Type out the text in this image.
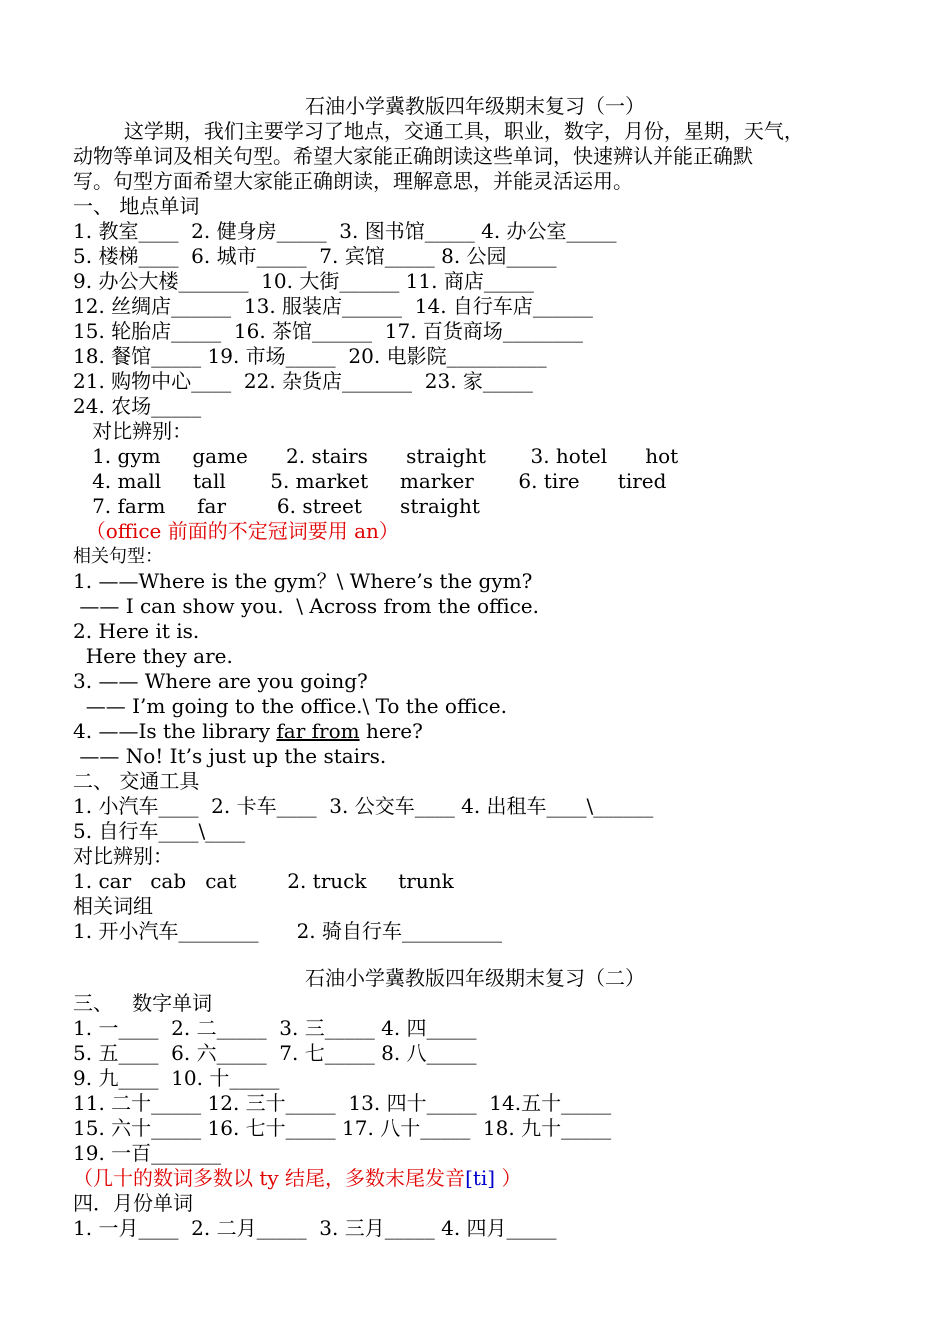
石油小学冀教版四年级期末复习（一）
这学期，我们主要学习了地点，交通工具，职业，数字，月份，星期，天气，
动物等单词及相关句型。希望大家能正确朗读这些单词，快速辨认并能正确默
写。句型方面希望大家能正确朗读，理解意思，并能灵活运用。
一、 地点单词
1. 教室____  2. 健身房_____  3. 图书馆_____ 4. 办公室_____
5. 楼梯____  6. 城市_____  7. 宾馆_____ 8. 公园_____
9. 办公大楼_______  10. 大街______ 11. 商店_____
12. 丝绸店______  13. 服装店______  14. 自行车店______
15. 轮胎店_____  16. 茶馆______  17. 百货商场________
18. 餐馆_____ 19. 市场_____  20. 电影院__________
21. 购物中心____  22. 杂货店_______  23. 家_____
24. 农场_____
对比辨别：
1. gym     game      2. stairs      straight       3. hotel      hot
4. mall     tall       5. market     marker       6. tire      tired
7. farm     far        6. street      straight
（office 前面的不定冠词要用 an）
相关句型：
1. ——Where is the gym？\ Where’s the gym?
—— I can show you.  \ Across from the office.
2. Here it is.
Here they are.
3. —— Where are you going?
—— I’m going to the office.\ To the office.
4. ——Is the library far from here?
—— No! It’s just up the stairs.
二、 交通工具
1. 小汽车____  2. 卡车____  3. 公交车____ 4. 出租车____\______
5. 自行车____\____
对比辨别：
1. car   cab   cat        2. truck     trunk
相关词组
1. 开小汽车________      2. 骑自行车__________
石油小学冀教版四年级期末复习（二）
三、   数字单词
1. 一____  2. 二_____  3. 三_____ 4. 四_____
5. 五____  6. 六_____  7. 七_____ 8. 八_____
9. 九____  10. 十_____
11. 二十_____ 12. 三十_____  13. 四十_____  14.五十_____
15. 六十_____ 16. 七十_____ 17. 八十_____  18. 九十_____
19. 一百_______
（几十的数词多数以 ty 结尾，多数末尾发音[ti] ）
四．月份单词
1. 一月____  2. 二月_____  3. 三月_____ 4. 四月_____
